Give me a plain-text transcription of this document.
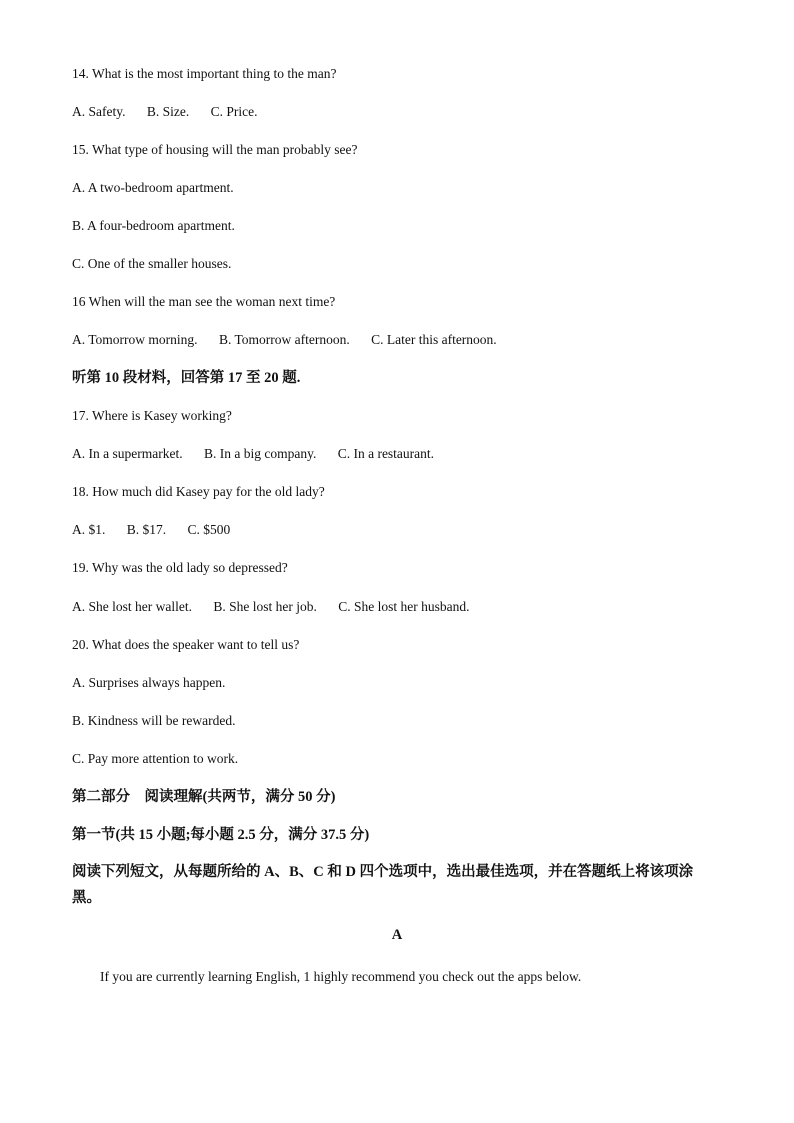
14. What is the most important thing to the man?
A. Safety. B. Size. C. Price.
15. What type of housing will the man probably see?
A. A two-bedroom apartment.
B. A four-bedroom apartment.
C. One of the smaller houses.
16 When will the man see the woman next time?
A. Tomorrow morning. B. Tomorrow afternoon. C. Later this afternoon.
听第 10 段材料，回答第 17 至 20 题.
17. Where is Kasey working?
A. In a supermarket. B. In a big company. C. In a restaurant.
18. How much did Kasey pay for the old lady?
A. $1. B. $17. C. $500
19. Why was the old lady so depressed?
A. She lost her wallet. B. She lost her job. C. She lost her husband.
20. What does the speaker want to tell us?
A. Surprises always happen.
B. Kindness will be rewarded.
C. Pay more attention to work.
第二部分　阅读理解(共两节，满分 50 分)
第一节(共 15 小题;每小题 2.5 分，满分 37.5 分)
阅读下列短文，从每题所给的 A、B、C 和 D 四个选项中，选出最佳选项，并在答题纸上将该项涂黑。
A
If you are currently learning English, 1 highly recommend you check out the apps below.
